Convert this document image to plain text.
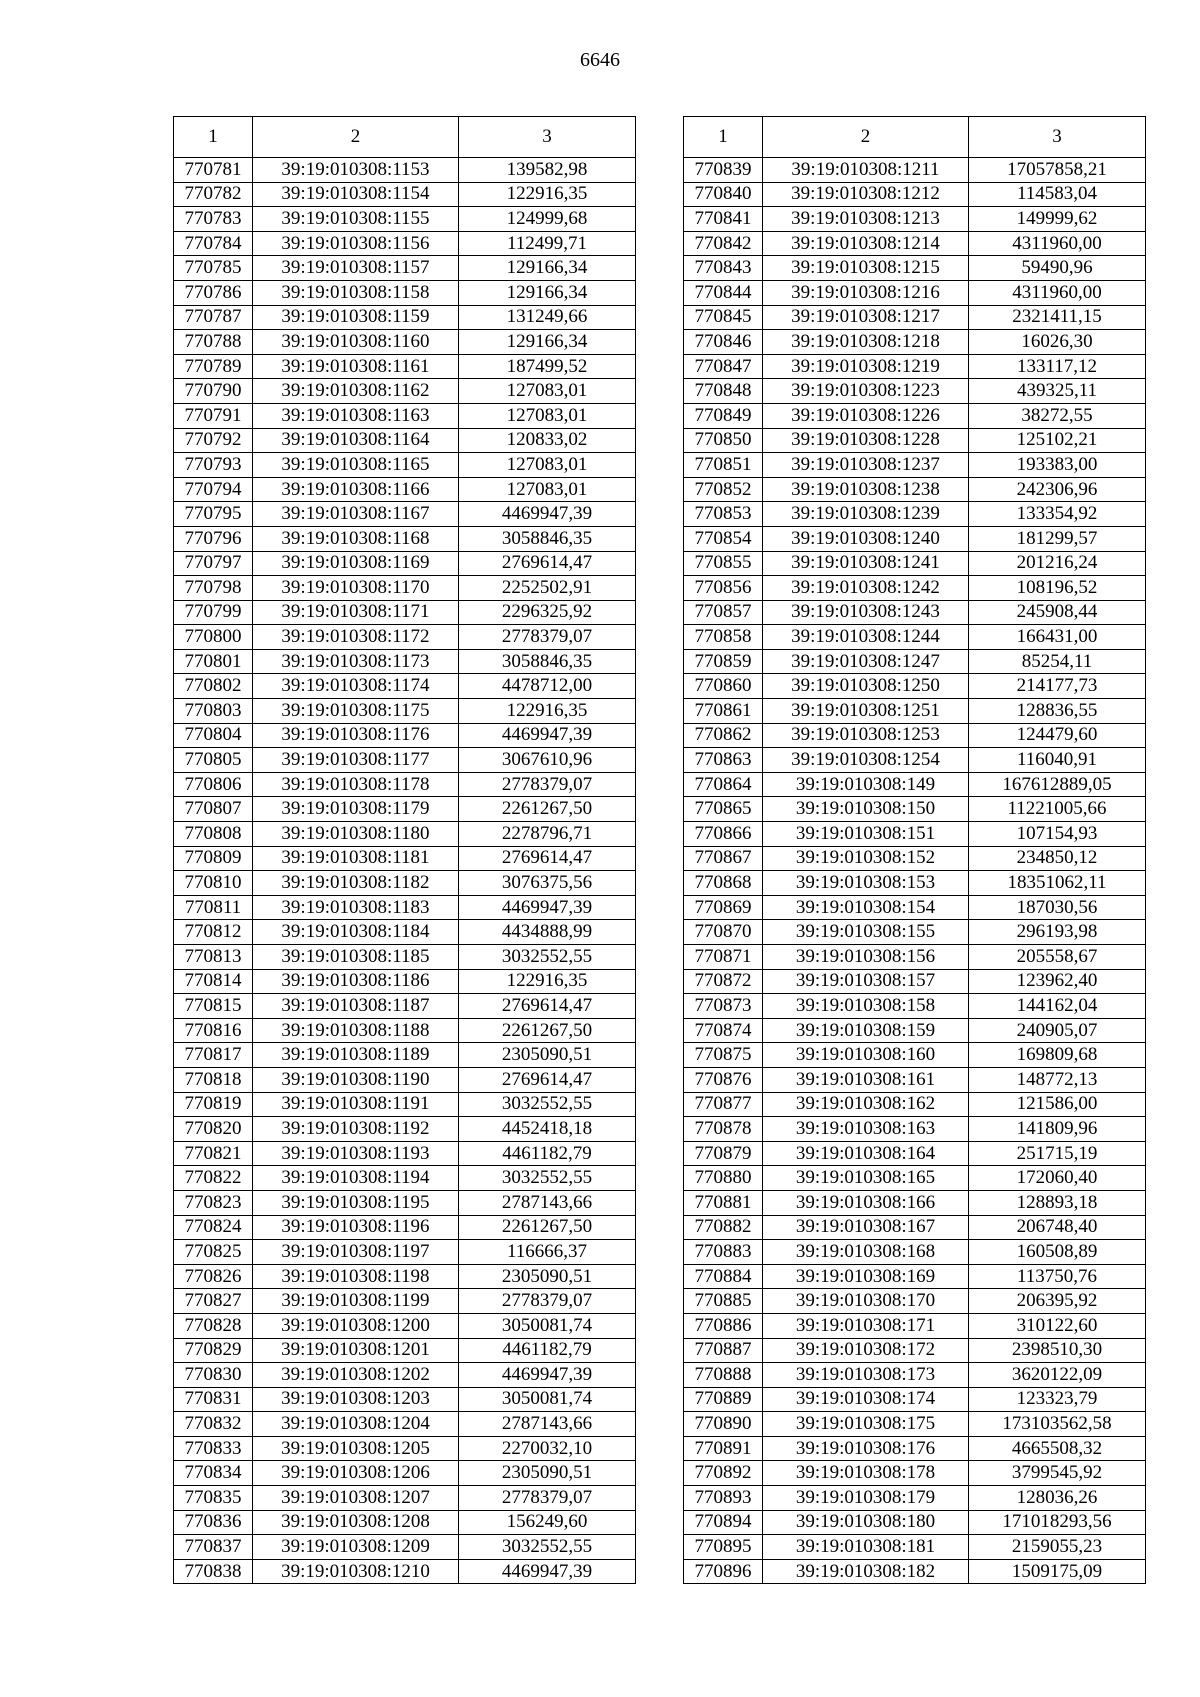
6646
1	2	3
770781	39:19:010308:1153	139582,98
770782	39:19:010308:1154	122916,35
770783	39:19:010308:1155	124999,68
770784	39:19:010308:1156	112499,71
770785	39:19:010308:1157	129166,34
770786	39:19:010308:1158	129166,34
770787	39:19:010308:1159	131249,66
770788	39:19:010308:1160	129166,34
770789	39:19:010308:1161	187499,52
770790	39:19:010308:1162	127083,01
770791	39:19:010308:1163	127083,01
770792	39:19:010308:1164	120833,02
770793	39:19:010308:1165	127083,01
770794	39:19:010308:1166	127083,01
770795	39:19:010308:1167	4469947,39
770796	39:19:010308:1168	3058846,35
770797	39:19:010308:1169	2769614,47
770798	39:19:010308:1170	2252502,91
770799	39:19:010308:1171	2296325,92
770800	39:19:010308:1172	2778379,07
770801	39:19:010308:1173	3058846,35
770802	39:19:010308:1174	4478712,00
770803	39:19:010308:1175	122916,35
770804	39:19:010308:1176	4469947,39
770805	39:19:010308:1177	3067610,96
770806	39:19:010308:1178	2778379,07
770807	39:19:010308:1179	2261267,50
770808	39:19:010308:1180	2278796,71
770809	39:19:010308:1181	2769614,47
770810	39:19:010308:1182	3076375,56
770811	39:19:010308:1183	4469947,39
770812	39:19:010308:1184	4434888,99
770813	39:19:010308:1185	3032552,55
770814	39:19:010308:1186	122916,35
770815	39:19:010308:1187	2769614,47
770816	39:19:010308:1188	2261267,50
770817	39:19:010308:1189	2305090,51
770818	39:19:010308:1190	2769614,47
770819	39:19:010308:1191	3032552,55
770820	39:19:010308:1192	4452418,18
770821	39:19:010308:1193	4461182,79
770822	39:19:010308:1194	3032552,55
770823	39:19:010308:1195	2787143,66
770824	39:19:010308:1196	2261267,50
770825	39:19:010308:1197	116666,37
770826	39:19:010308:1198	2305090,51
770827	39:19:010308:1199	2778379,07
770828	39:19:010308:1200	3050081,74
770829	39:19:010308:1201	4461182,79
770830	39:19:010308:1202	4469947,39
770831	39:19:010308:1203	3050081,74
770832	39:19:010308:1204	2787143,66
770833	39:19:010308:1205	2270032,10
770834	39:19:010308:1206	2305090,51
770835	39:19:010308:1207	2778379,07
770836	39:19:010308:1208	156249,60
770837	39:19:010308:1209	3032552,55
770838	39:19:010308:1210	4469947,39
1	2	3
770839	39:19:010308:1211	17057858,21
770840	39:19:010308:1212	114583,04
770841	39:19:010308:1213	149999,62
770842	39:19:010308:1214	4311960,00
770843	39:19:010308:1215	59490,96
770844	39:19:010308:1216	4311960,00
770845	39:19:010308:1217	2321411,15
770846	39:19:010308:1218	16026,30
770847	39:19:010308:1219	133117,12
770848	39:19:010308:1223	439325,11
770849	39:19:010308:1226	38272,55
770850	39:19:010308:1228	125102,21
770851	39:19:010308:1237	193383,00
770852	39:19:010308:1238	242306,96
770853	39:19:010308:1239	133354,92
770854	39:19:010308:1240	181299,57
770855	39:19:010308:1241	201216,24
770856	39:19:010308:1242	108196,52
770857	39:19:010308:1243	245908,44
770858	39:19:010308:1244	166431,00
770859	39:19:010308:1247	85254,11
770860	39:19:010308:1250	214177,73
770861	39:19:010308:1251	128836,55
770862	39:19:010308:1253	124479,60
770863	39:19:010308:1254	116040,91
770864	39:19:010308:149	167612889,05
770865	39:19:010308:150	11221005,66
770866	39:19:010308:151	107154,93
770867	39:19:010308:152	234850,12
770868	39:19:010308:153	18351062,11
770869	39:19:010308:154	187030,56
770870	39:19:010308:155	296193,98
770871	39:19:010308:156	205558,67
770872	39:19:010308:157	123962,40
770873	39:19:010308:158	144162,04
770874	39:19:010308:159	240905,07
770875	39:19:010308:160	169809,68
770876	39:19:010308:161	148772,13
770877	39:19:010308:162	121586,00
770878	39:19:010308:163	141809,96
770879	39:19:010308:164	251715,19
770880	39:19:010308:165	172060,40
770881	39:19:010308:166	128893,18
770882	39:19:010308:167	206748,40
770883	39:19:010308:168	160508,89
770884	39:19:010308:169	113750,76
770885	39:19:010308:170	206395,92
770886	39:19:010308:171	310122,60
770887	39:19:010308:172	2398510,30
770888	39:19:010308:173	3620122,09
770889	39:19:010308:174	123323,79
770890	39:19:010308:175	173103562,58
770891	39:19:010308:176	4665508,32
770892	39:19:010308:178	3799545,92
770893	39:19:010308:179	128036,26
770894	39:19:010308:180	171018293,56
770895	39:19:010308:181	2159055,23
770896	39:19:010308:182	1509175,09
